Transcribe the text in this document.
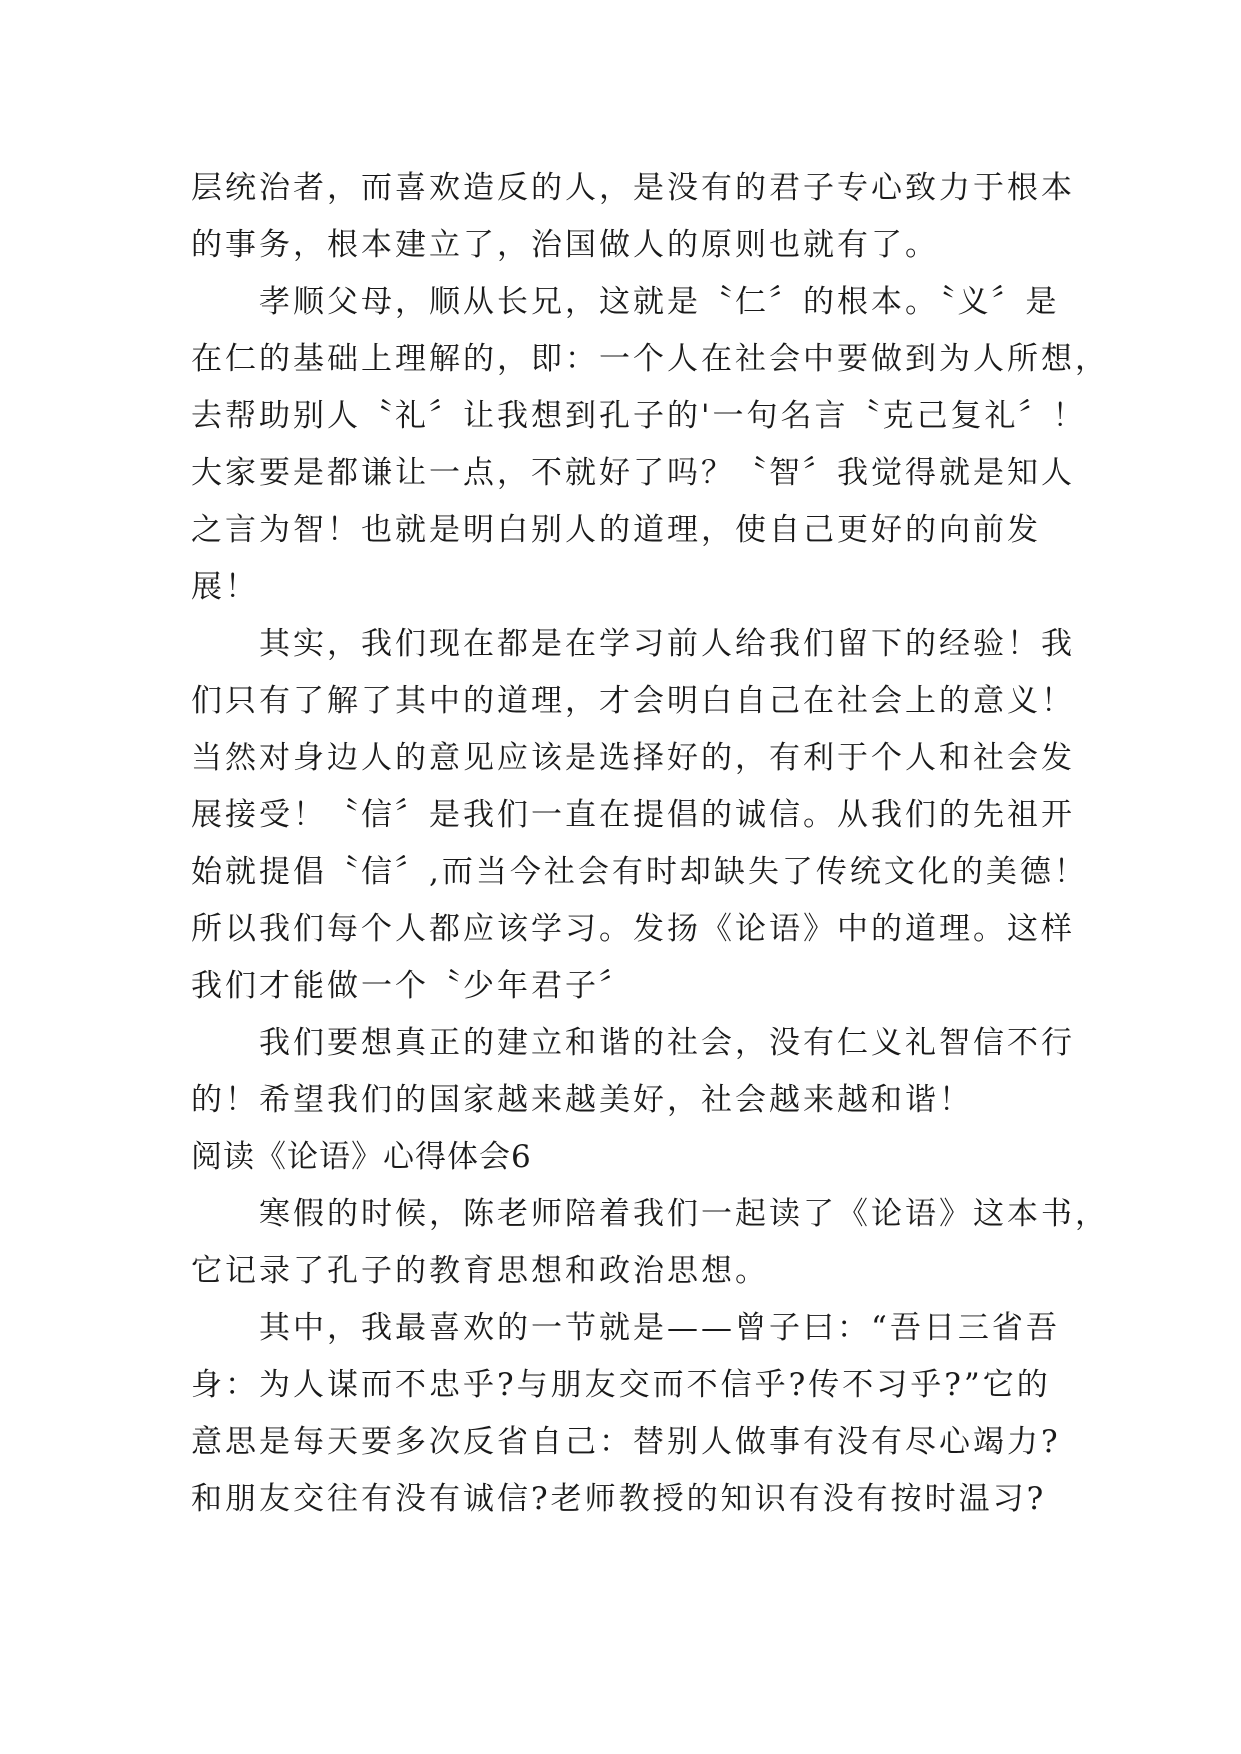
层统治者，而喜欢造反的人，是没有的君子专心致力于根本
的事务，根本建立了，治国做人的原则也就有了。
孝顺父母，顺从长兄，这就是〝仁〞的根本。〝义〞是
在仁的基础上理解的，即：一个人在社会中要做到为人所想，
去帮助别人〝礼〞让我想到孔子的'一句名言〝克己复礼〞！
大家要是都谦让一点，不就好了吗？〝智〞我觉得就是知人
之言为智！也就是明白别人的道理，使自己更好的向前发
展！
其实，我们现在都是在学习前人给我们留下的经验！我
们只有了解了其中的道理，才会明白自己在社会上的意义！
当然对身边人的意见应该是选择好的，有利于个人和社会发
展接受！〝信〞是我们一直在提倡的诚信。从我们的先祖开
始就提倡〝信〞,而当今社会有时却缺失了传统文化的美德！
所以我们每个人都应该学习。发扬《论语》中的道理。这样
我们才能做一个〝少年君子〞
我们要想真正的建立和谐的社会，没有仁义礼智信不行
的！希望我们的国家越来越美好，社会越来越和谐！
阅读《论语》心得体会6
寒假的时候，陈老师陪着我们一起读了《论语》这本书，
它记录了孔子的教育思想和政治思想。
其中，我最喜欢的一节就是——曾子曰：“吾日三省吾
身：为人谋而不忠乎?与朋友交而不信乎?传不习乎?”它的
意思是每天要多次反省自己：替别人做事有没有尽心竭力?
和朋友交往有没有诚信?老师教授的知识有没有按时温习?
